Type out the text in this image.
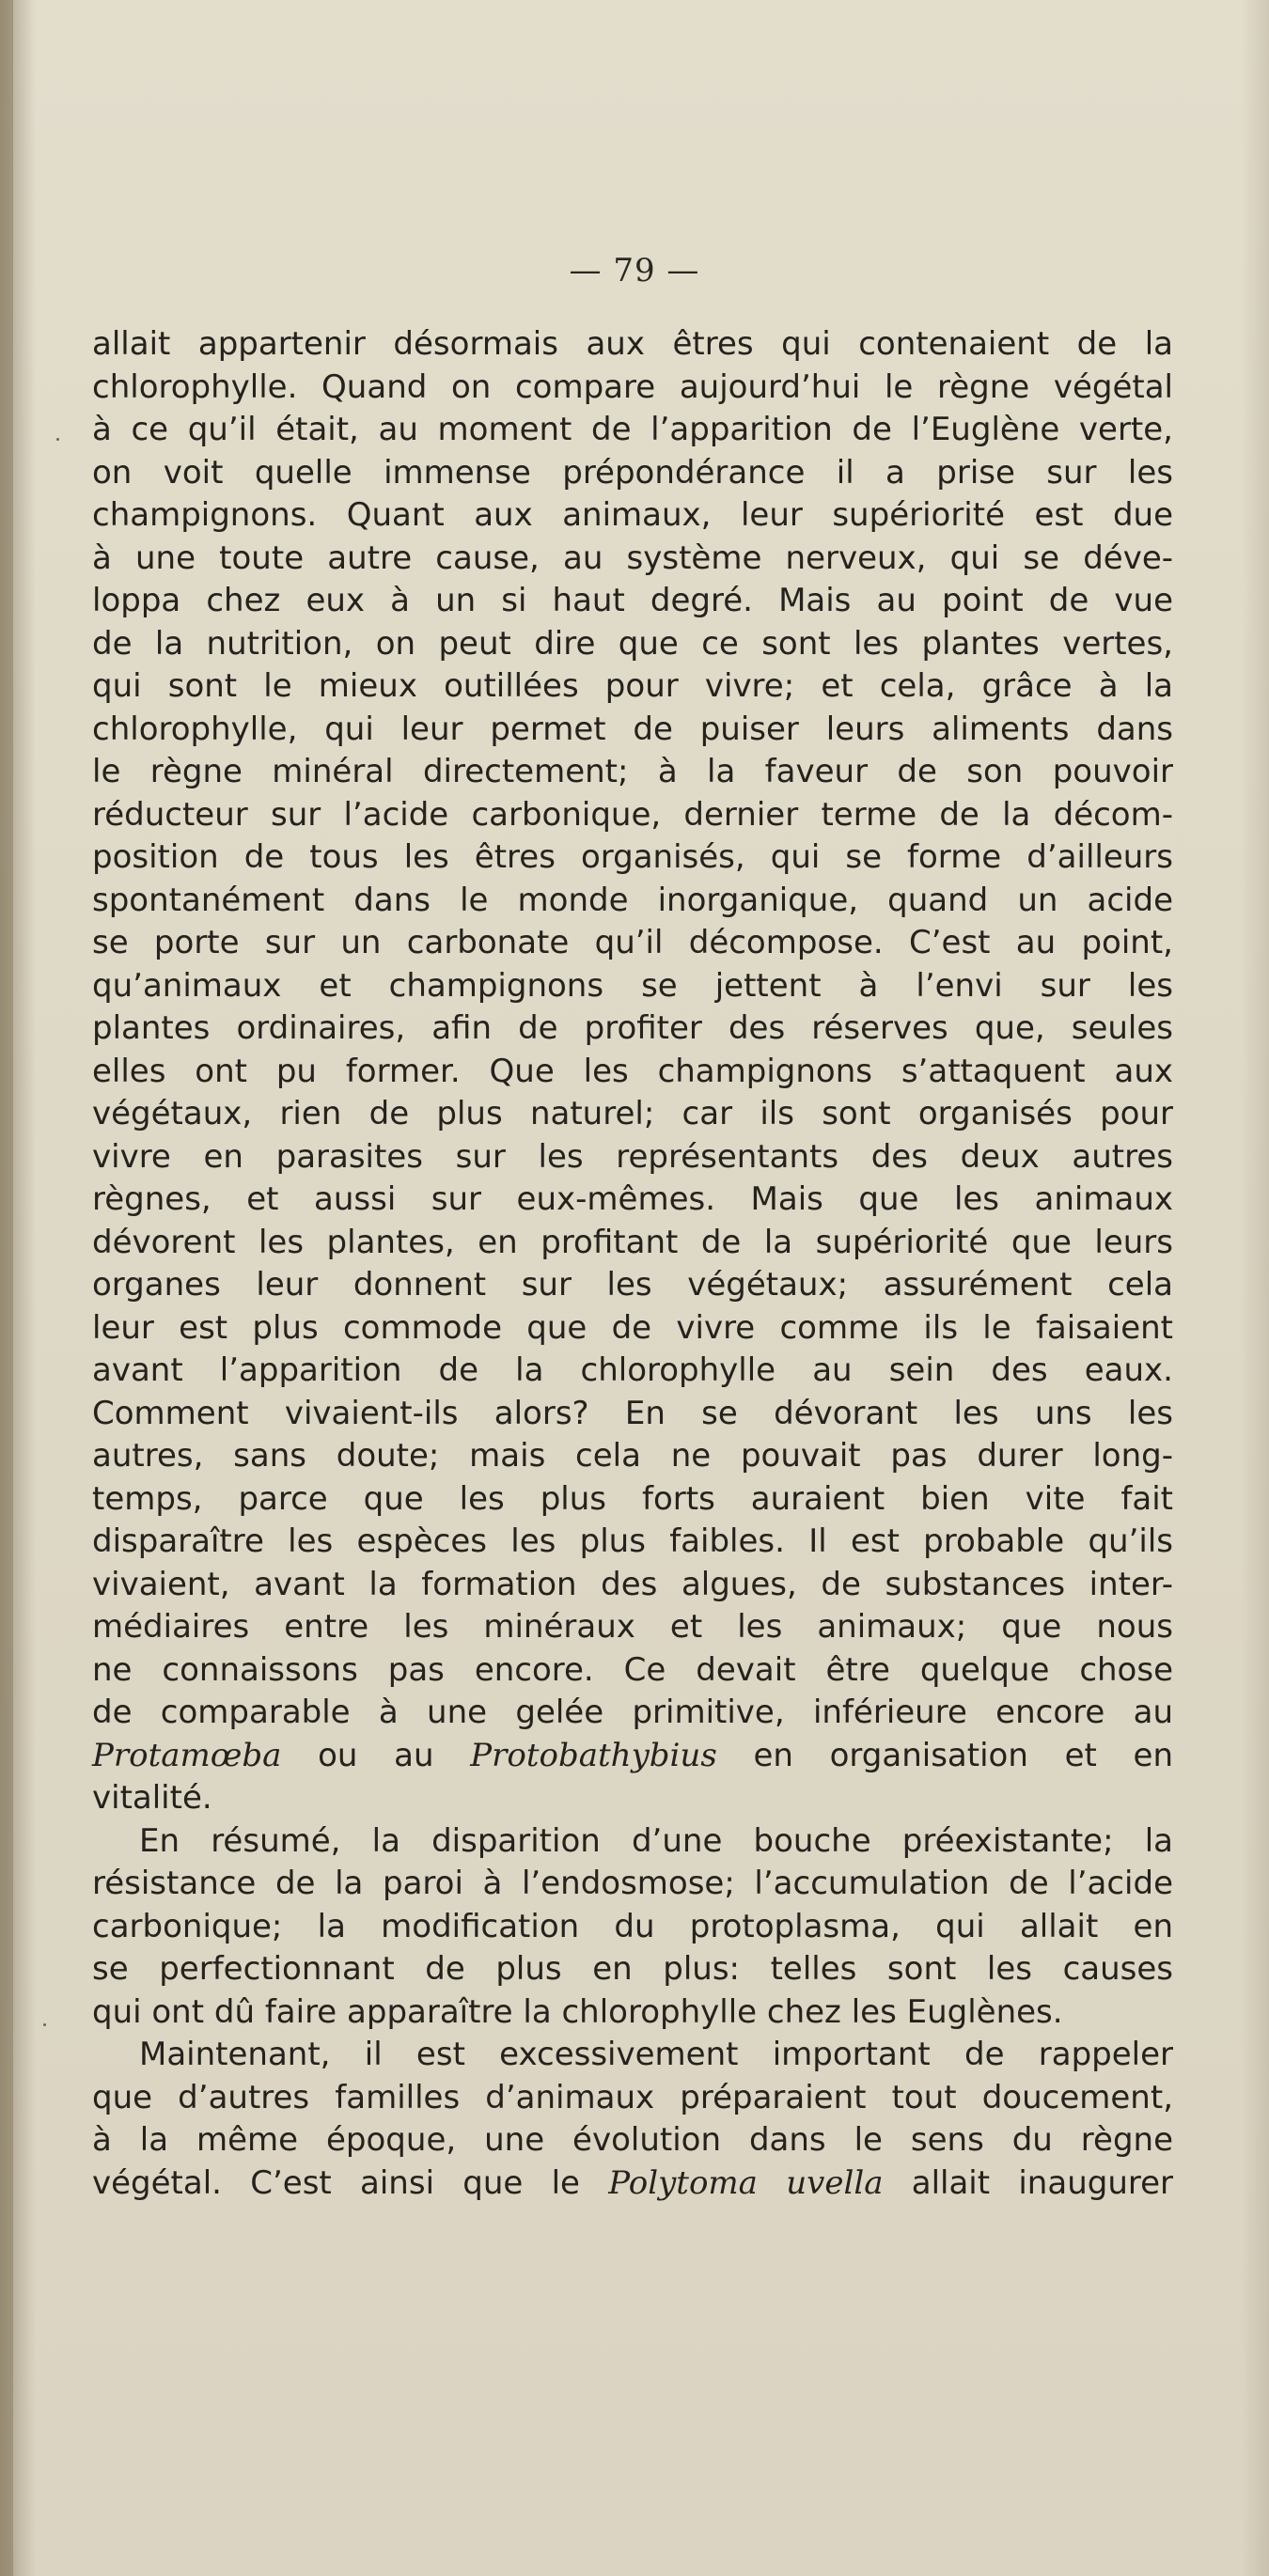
— 79 —
allait appartenir désormais aux êtres qui contenaient de la
chlorophylle. Quand on compare aujourd’hui le règne végétal
à ce qu’il était, au moment de l’apparition de l’Euglène verte,
on voit quelle immense prépondérance il a prise sur les
champignons. Quant aux animaux, leur supériorité est due
à une toute autre cause, au système nerveux, qui se déve-
loppa chez eux à un si haut degré. Mais au point de vue
de la nutrition, on peut dire que ce sont les plantes vertes,
qui sont le mieux outillées pour vivre; et cela, grâce à la
chlorophylle, qui leur permet de puiser leurs aliments dans
le règne minéral directement; à la faveur de son pouvoir
réducteur sur l’acide carbonique, dernier terme de la décom-
position de tous les êtres organisés, qui se forme d’ailleurs
spontanément dans le monde inorganique, quand un acide
se porte sur un carbonate qu’il décompose. C’est au point,
qu’animaux et champignons se jettent à l’envi sur les
plantes ordinaires, afin de profiter des réserves que, seules
elles ont pu former. Que les champignons s’attaquent aux
végétaux, rien de plus naturel; car ils sont organisés pour
vivre en parasites sur les représentants des deux autres
règnes, et aussi sur eux-mêmes. Mais que les animaux
dévorent les plantes, en profitant de la supériorité que leurs
organes leur donnent sur les végétaux; assurément cela
leur est plus commode que de vivre comme ils le faisaient
avant l’apparition de la chlorophylle au sein des eaux.
Comment vivaient-ils alors? En se dévorant les uns les
autres, sans doute; mais cela ne pouvait pas durer long-
temps, parce que les plus forts auraient bien vite fait
disparaître les espèces les plus faibles. Il est probable qu’ils
vivaient, avant la formation des algues, de substances inter-
médiaires entre les minéraux et les animaux; que nous
ne connaissons pas encore. Ce devait être quelque chose
de comparable à une gelée primitive, inférieure encore au
Protamœba ou au Protobathybius en organisation et en
vitalité.
En résumé, la disparition d’une bouche préexistante; la
résistance de la paroi à l’endosmose; l’accumulation de l’acide
carbonique; la modification du protoplasma, qui allait en
se perfectionnant de plus en plus: telles sont les causes
qui ont dû faire apparaître la chlorophylle chez les Euglènes.
Maintenant, il est excessivement important de rappeler
que d’autres familles d’animaux préparaient tout doucement,
à la même époque, une évolution dans le sens du règne
végétal. C’est ainsi que le Polytoma uvella allait inaugurer
